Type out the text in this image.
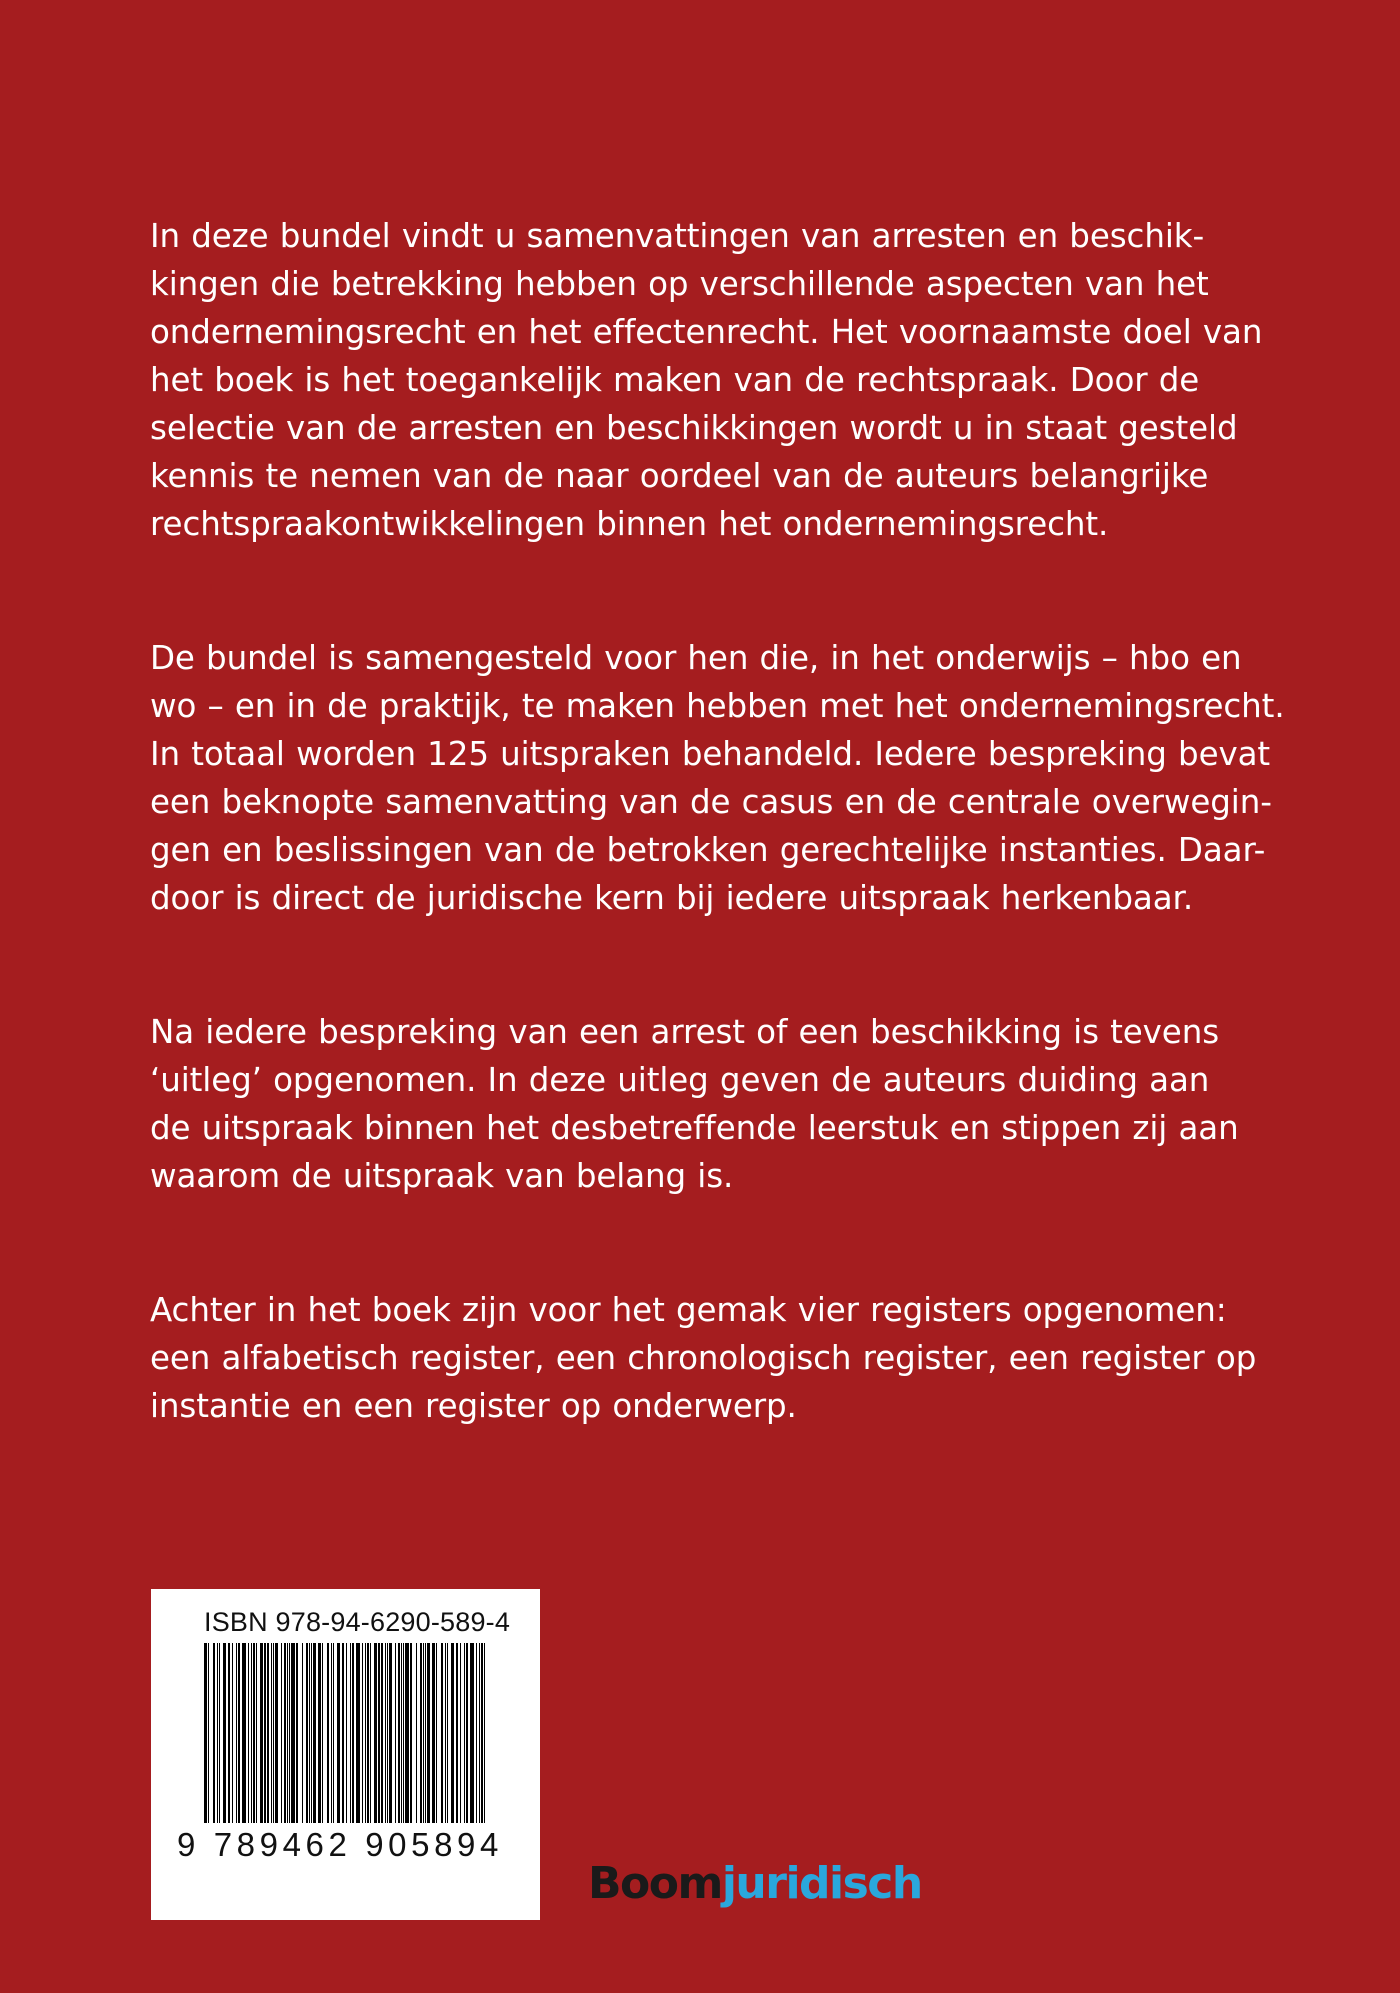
In deze bundel vindt u samenvattingen van arresten en beschik-
kingen die betrekking hebben op verschillende aspecten van het
ondernemingsrecht en het effectenrecht. Het voornaamste doel van
het boek is het toegankelijk maken van de rechtspraak. Door de
selectie van de arresten en beschikkingen wordt u in staat gesteld
kennis te nemen van de naar oordeel van de auteurs belangrijke
rechtspraakontwikkelingen binnen het ondernemingsrecht.

De bundel is samengesteld voor hen die, in het onderwijs – hbo en
wo – en in de praktijk, te maken hebben met het ondernemingsrecht.
In totaal worden 125 uitspraken behandeld. Iedere bespreking bevat
een beknopte samenvatting van de casus en de centrale overwegin-
gen en beslissingen van de betrokken gerechtelijke instanties. Daar-
door is direct de juridische kern bij iedere uitspraak herkenbaar.

Na iedere bespreking van een arrest of een beschikking is tevens
‘uitleg’ opgenomen. In deze uitleg geven de auteurs duiding aan
de uitspraak binnen het desbetreffende leerstuk en stippen zij aan
waarom de uitspraak van belang is.

Achter in het boek zijn voor het gemak vier registers opgenomen:
een alfabetisch register, een chronologisch register, een register op
instantie en een register op onderwerp.

ISBN 978-94-6290-589-4
9 789462 905894
Boomjuridisch
